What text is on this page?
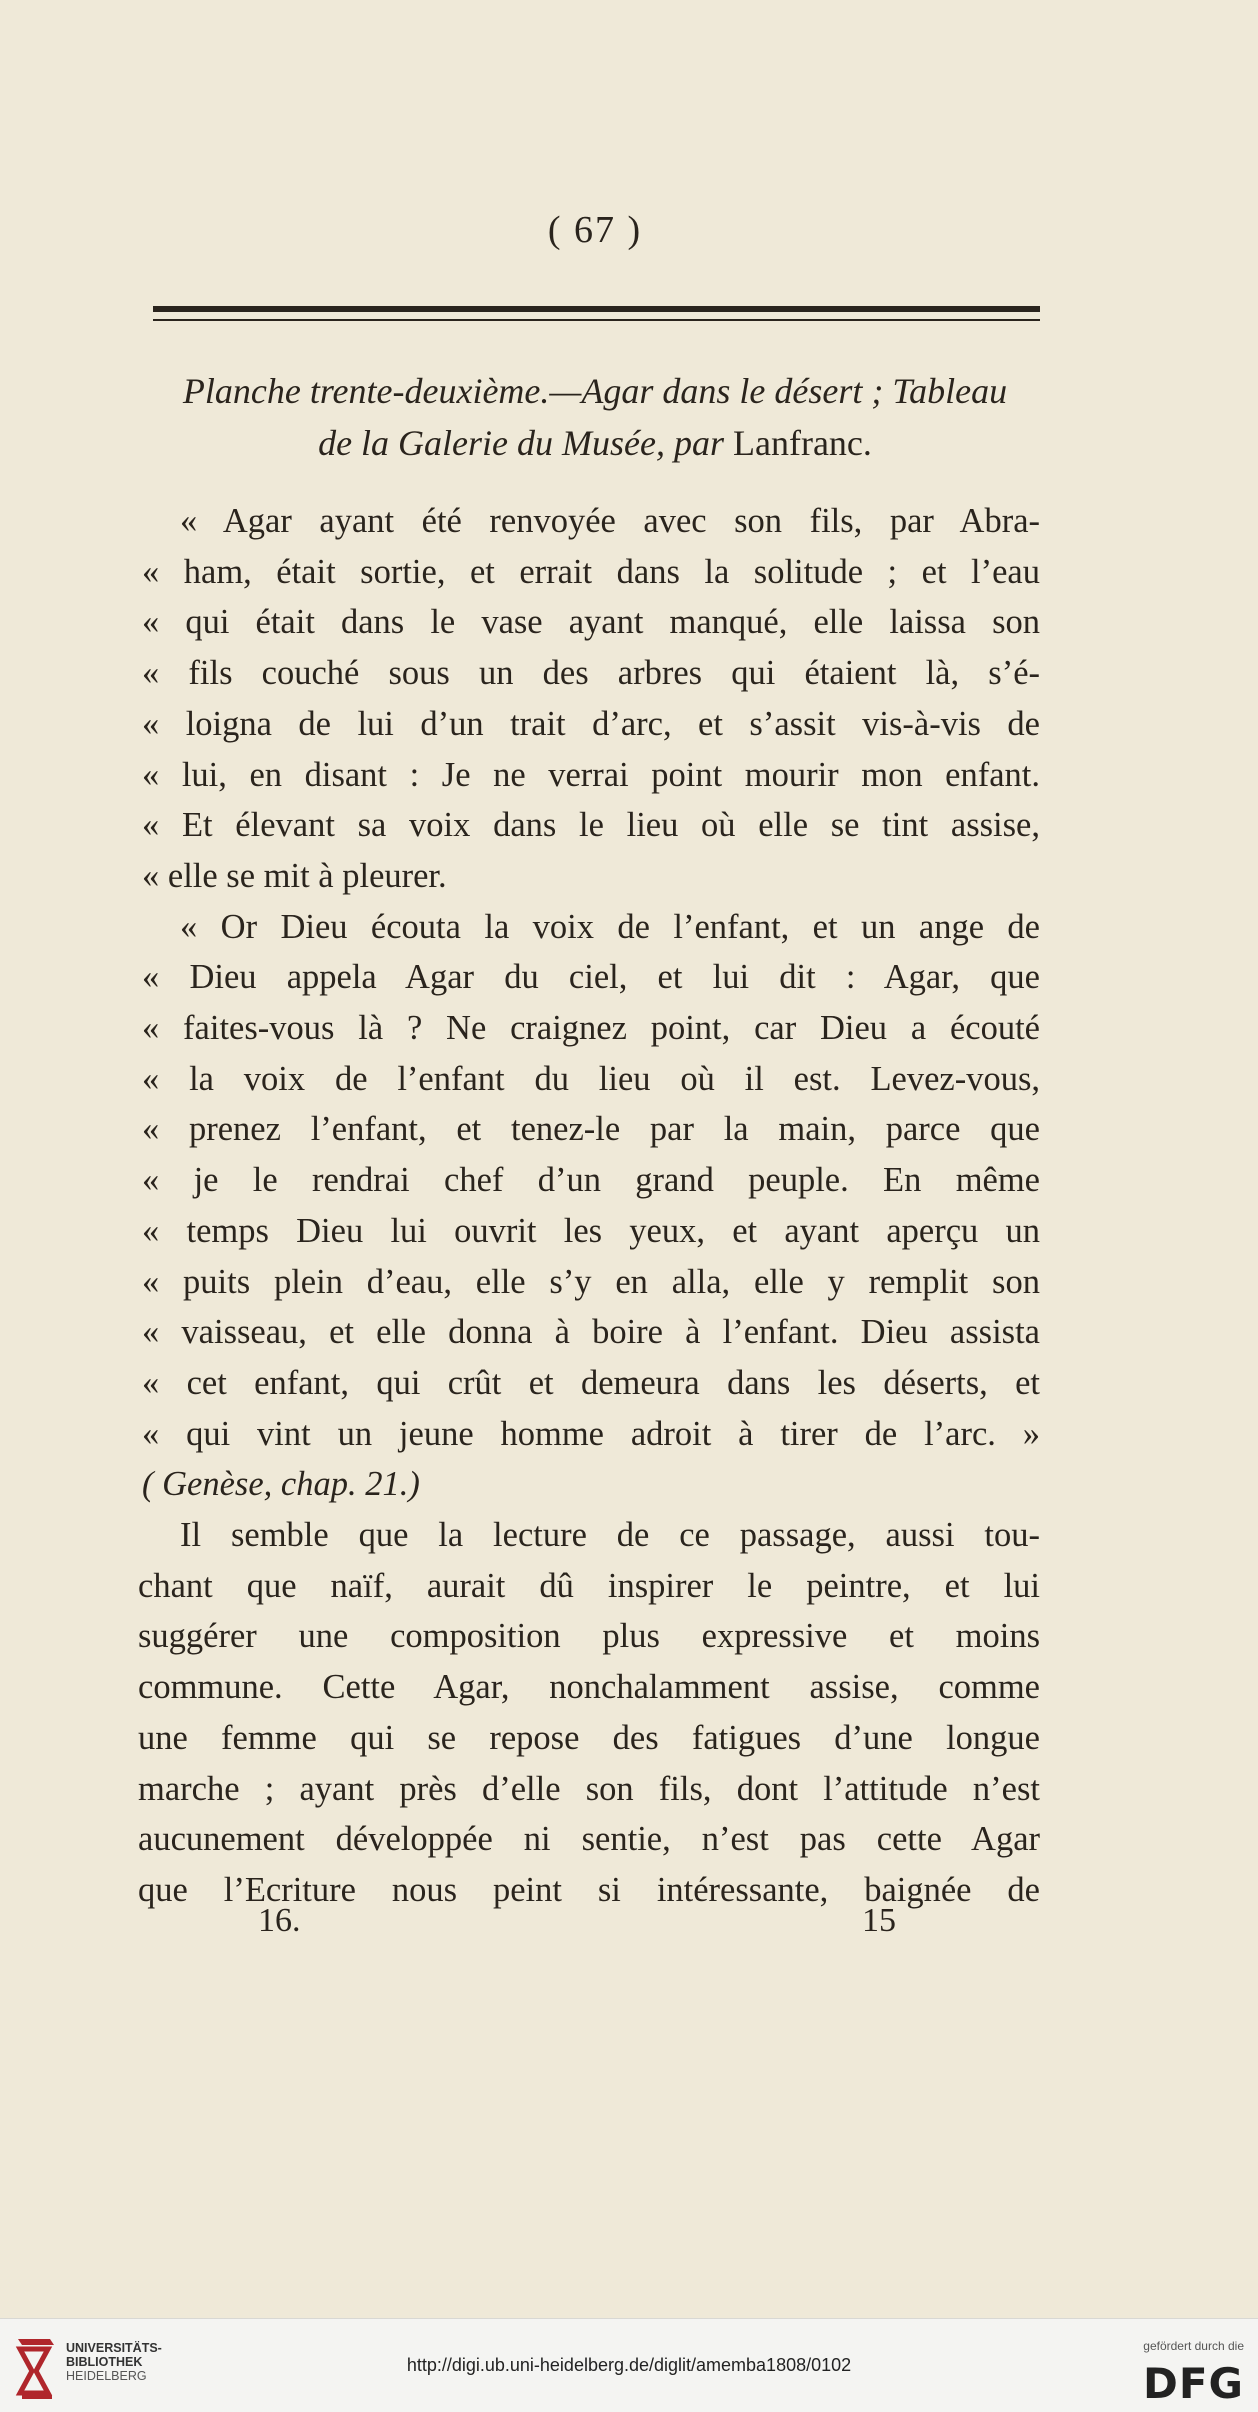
( 67 )
Planche trente-deuxième.—Agar dans le désert ; Tableau
de la Galerie du Musée, par Lanfranc.
« Agar ayant été renvoyée avec son fils, par Abra-
« ham, était sortie, et errait dans la solitude ; et l’eau
« qui était dans le vase ayant manqué, elle laissa son
« fils couché sous un des arbres qui étaient là, s’é-
« loigna de lui d’un trait d’arc, et s’assit vis-à-vis de
« lui, en disant : Je ne verrai point mourir mon enfant.
« Et élevant sa voix dans le lieu où elle se tint assise,
« elle se mit à pleurer.
« Or Dieu écouta la voix de l’enfant, et un ange de
« Dieu appela Agar du ciel, et lui dit : Agar, que
« faites-vous là ? Ne craignez point, car Dieu a écouté
« la voix de l’enfant du lieu où il est. Levez-vous,
« prenez l’enfant, et tenez-le par la main, parce que
« je le rendrai chef d’un grand peuple. En même
« temps Dieu lui ouvrit les yeux, et ayant aperçu un
« puits plein d’eau, elle s’y en alla, elle y remplit son
« vaisseau, et elle donna à boire à l’enfant. Dieu assista
« cet enfant, qui crût et demeura dans les déserts, et
« qui vint un jeune homme adroit à tirer de l’arc. »
( Genèse, chap. 21.)
Il semble que la lecture de ce passage, aussi tou-
chant que naïf, aurait dû inspirer le peintre, et lui
suggérer une composition plus expressive et moins
commune. Cette Agar, nonchalamment assise, comme
une femme qui se repose des fatigues d’une longue
marche ; ayant près d’elle son fils, dont l’attitude n’est
aucunement développée ni sentie, n’est pas cette Agar
que l’Ecriture nous peint si intéressante, baignée de
16.	15
UNIVERSITÄTS-
BIBLIOTHEK
HEIDELBERG
http://digi.ub.uni-heidelberg.de/diglit/amemba1808/0102
gefördert durch die
DFG
